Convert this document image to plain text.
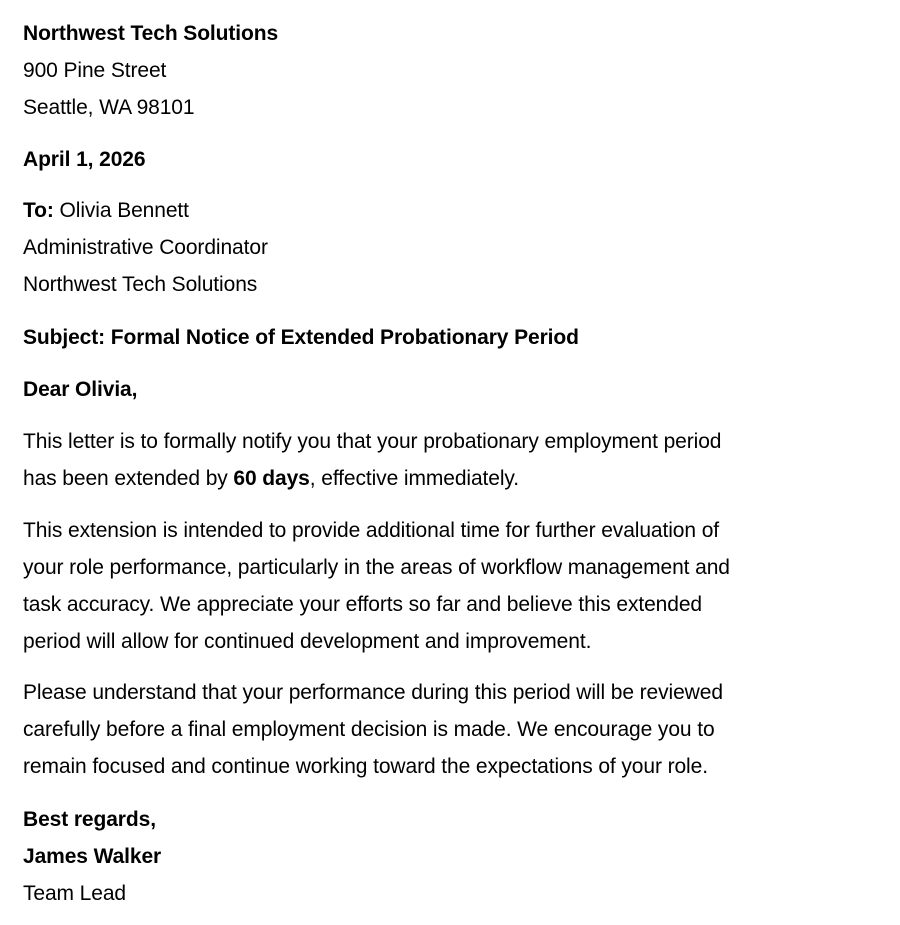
Northwest Tech Solutions
900 Pine Street
Seattle, WA 98101
April 1, 2026
To: Olivia Bennett
Administrative Coordinator
Northwest Tech Solutions
Subject: Formal Notice of Extended Probationary Period
Dear Olivia,
This letter is to formally notify you that your probationary employment period
has been extended by 60 days, effective immediately.
This extension is intended to provide additional time for further evaluation of
your role performance, particularly in the areas of workflow management and
task accuracy. We appreciate your efforts so far and believe this extended
period will allow for continued development and improvement.
Please understand that your performance during this period will be reviewed
carefully before a final employment decision is made. We encourage you to
remain focused and continue working toward the expectations of your role.
Best regards,
James Walker
Team Lead
